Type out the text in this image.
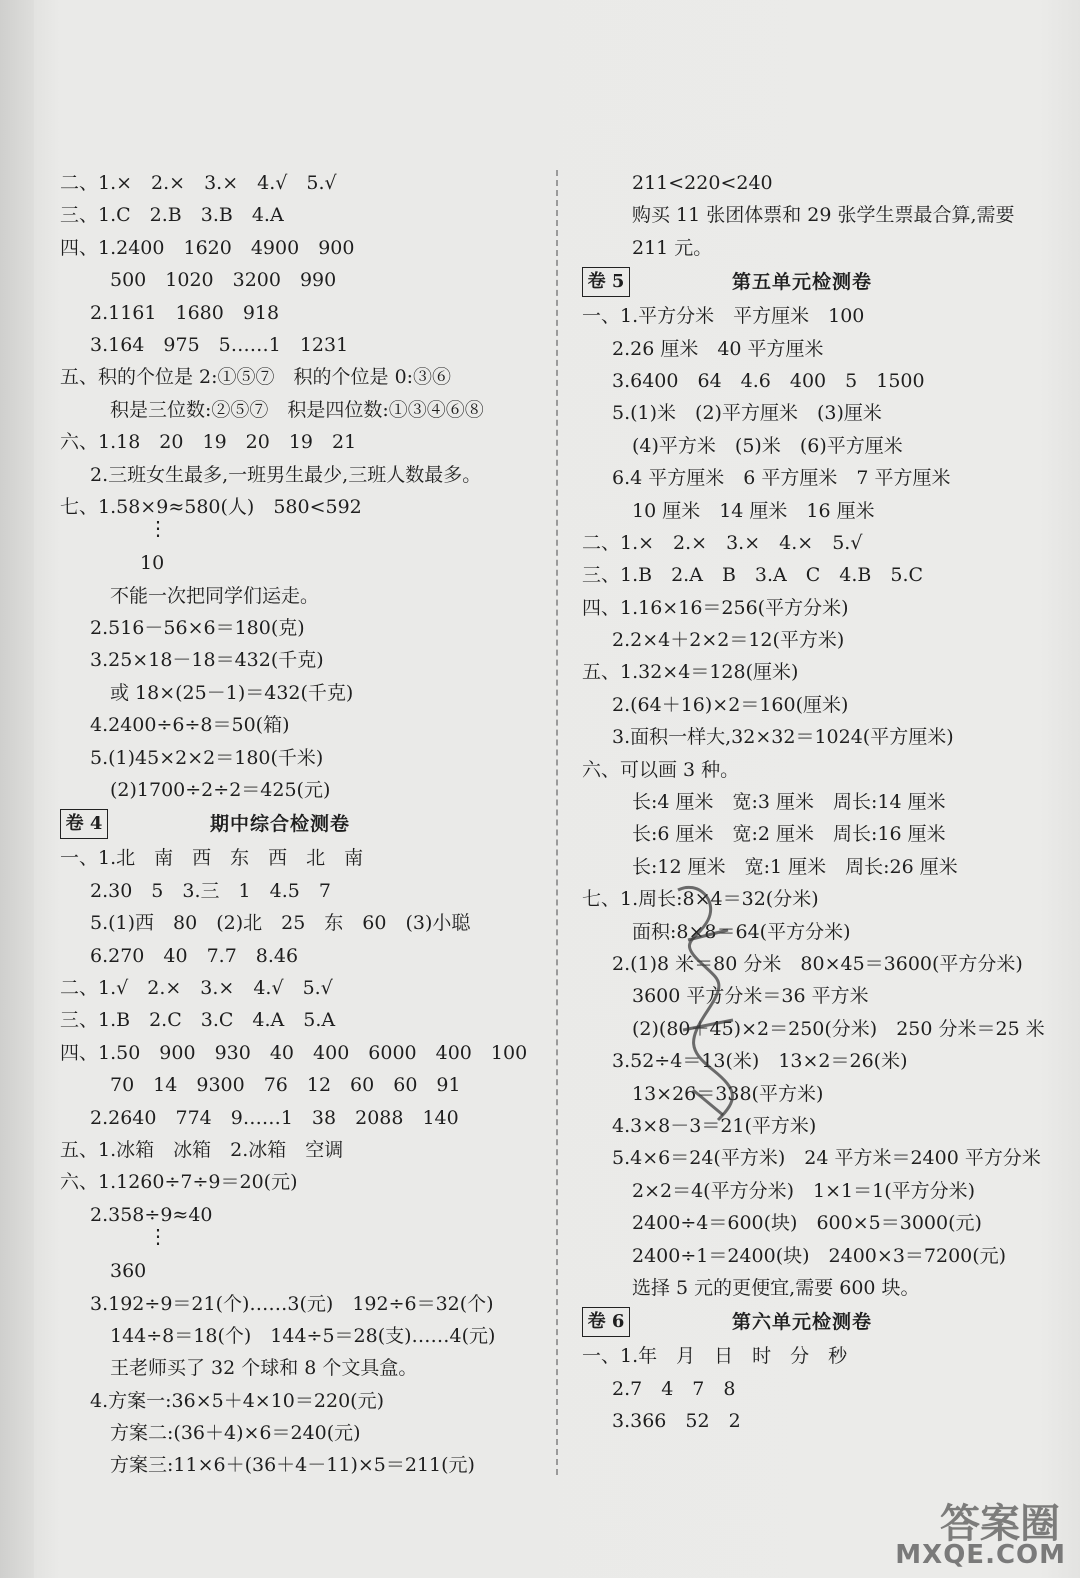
二、1.×　2.×　3.×　4.√　5.√
三、1.C　2.B　3.B　4.A
四、1.2400　1620　4900　900
500　1020　3200　990
2.1161　1680　918
3.164　975　5……1　1231
五、积的个位是 2:①⑤⑦　积的个位是 0:③⑥
积是三位数:②⑤⑦　积是四位数:①③④⑥⑧
六、1.18　20　19　20　19　21
2.三班女生最多,一班男生最少,三班人数最多。
七、1.58×9≈580(人)　580<592
⋮
10
不能一次把同学们运走。
2.516－56×6＝180(克)
3.25×18－18＝432(千克)
或 18×(25－1)＝432(千克)
4.2400÷6÷8＝50(箱)
5.(1)45×2×2＝180(千米)
(2)1700÷2÷2＝425(元)
卷 4	期中综合检测卷
一、1.北　南　西　东　西　北　南
2.30　5　3.三　1　4.5　7
5.(1)西　80　(2)北　25　东　60　(3)小聪
6.270　40　7.7　8.46
二、1.√　2.×　3.×　4.√　5.√
三、1.B　2.C　3.C　4.A　5.A
四、1.50　900　930　40　400　6000　400　100
70　14　9300　76　12　60　60　91
2.2640　774　9……1　38　2088　140
五、1.冰箱　冰箱　2.冰箱　空调
六、1.1260÷7÷9＝20(元)
2.358÷9≈40
⋮
360
3.192÷9＝21(个)……3(元)　192÷6＝32(个)
144÷8＝18(个)　144÷5＝28(支)……4(元)
王老师买了 32 个球和 8 个文具盒。
4.方案一:36×5＋4×10＝220(元)
方案二:(36＋4)×6＝240(元)
方案三:11×6＋(36＋4－11)×5＝211(元)
211<220<240
购买 11 张团体票和 29 张学生票最合算,需要
211 元。
卷 5	第五单元检测卷
一、1.平方分米　平方厘米　100
2.26 厘米　40 平方厘米
3.6400　64　4.6　400　5　1500
5.(1)米　(2)平方厘米　(3)厘米
(4)平方米　(5)米　(6)平方厘米
6.4 平方厘米　6 平方厘米　7 平方厘米
10 厘米　14 厘米　16 厘米
二、1.×　2.×　3.×　4.×　5.√
三、1.B　2.A　B　3.A　C　4.B　5.C
四、1.16×16＝256(平方分米)
2.2×4＋2×2＝12(平方米)
五、1.32×4＝128(厘米)
2.(64＋16)×2＝160(厘米)
3.面积一样大,32×32＝1024(平方厘米)
六、可以画 3 种。
长:4 厘米　宽:3 厘米　周长:14 厘米
长:6 厘米　宽:2 厘米　周长:16 厘米
长:12 厘米　宽:1 厘米　周长:26 厘米
七、1.周长:8×4＝32(分米)
面积:8×8＝64(平方分米)
2.(1)8 米＝80 分米　80×45＝3600(平方分米)
3600 平方分米＝36 平方米
(2)(80＋45)×2＝250(分米)　250 分米＝25 米
3.52÷4＝13(米)　13×2＝26(米)
13×26＝338(平方米)
4.3×8－3＝21(平方米)
5.4×6＝24(平方米)　24 平方米＝2400 平方分米
2×2＝4(平方分米)　1×1＝1(平方分米)
2400÷4＝600(块)　600×5＝3000(元)
2400÷1＝2400(块)　2400×3＝7200(元)
选择 5 元的更便宜,需要 600 块。
卷 6	第六单元检测卷
一、1.年　月　日　时　分　秒
2.7　4　7　8
3.366　52　2
答案圈
MXQE.COM
